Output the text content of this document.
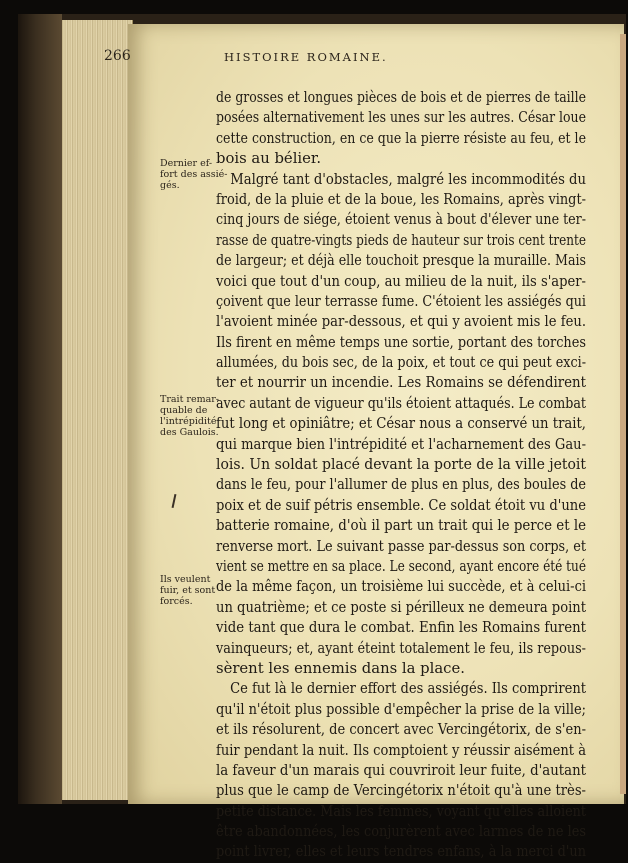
266	HISTOIRE ROMAINE.
Dernier ef-
fort des assié-
gés.
Trait remar-
quable de
l'intrépidité
des Gaulois.
Ils veulent
fuir, et sont
forcés.
de grosses et longues pièces de bois et de pierres de taille
posées alternativement les unes sur les autres. César loue
cette construction, en ce que la pierre résiste au feu, et le
bois au bélier.
Malgré tant d'obstacles, malgré les incommodités du
froid, de la pluie et de la boue, les Romains, après vingt-
cinq jours de siége, étoient venus à bout d'élever une ter-
rasse de quatre-vingts pieds de hauteur sur trois cent trente
de largeur; et déjà elle touchoit presque la muraille. Mais
voici que tout d'un coup, au milieu de la nuit, ils s'aper-
çoivent que leur terrasse fume. C'étoient les assiégés qui
l'avoient minée par-dessous, et qui y avoient mis le feu.
Ils firent en même temps une sortie, portant des torches
allumées, du bois sec, de la poix, et tout ce qui peut exci-
ter et nourrir un incendie. Les Romains se défendirent
avec autant de vigueur qu'ils étoient attaqués. Le combat
fut long et opiniâtre; et César nous a conservé un trait,
qui marque bien l'intrépidité et l'acharnement des Gau-
lois. Un soldat placé devant la porte de la ville jetoit
dans le feu, pour l'allumer de plus en plus, des boules de
poix et de suif pétris ensemble. Ce soldat étoit vu d'une
batterie romaine, d'où il part un trait qui le perce et le
renverse mort. Le suivant passe par-dessus son corps, et
vient se mettre en sa place. Le second, ayant encore été tué
de la même façon, un troisième lui succède, et à celui-ci
un quatrième; et ce poste si périlleux ne demeura point
vide tant que dura le combat. Enfin les Romains furent
vainqueurs; et, ayant éteint totalement le feu, ils repous-
sèrent les ennemis dans la place.
Ce fut là le dernier effort des assiégés. Ils comprirent
qu'il n'étoit plus possible d'empêcher la prise de la ville;
et ils résolurent, de concert avec Vercingétorix, de s'en-
fuir pendant la nuit. Ils comptoient y réussir aisément à
la faveur d'un marais qui couvriroit leur fuite, d'autant
plus que le camp de Vercingétorix n'étoit qu'à une très-
petite distance. Mais les femmes, voyant qu'elles alloient
être abandonnées, les conjurèrent avec larmes de ne les
point livrer, elles et leurs tendres enfans, à la merci d'un
